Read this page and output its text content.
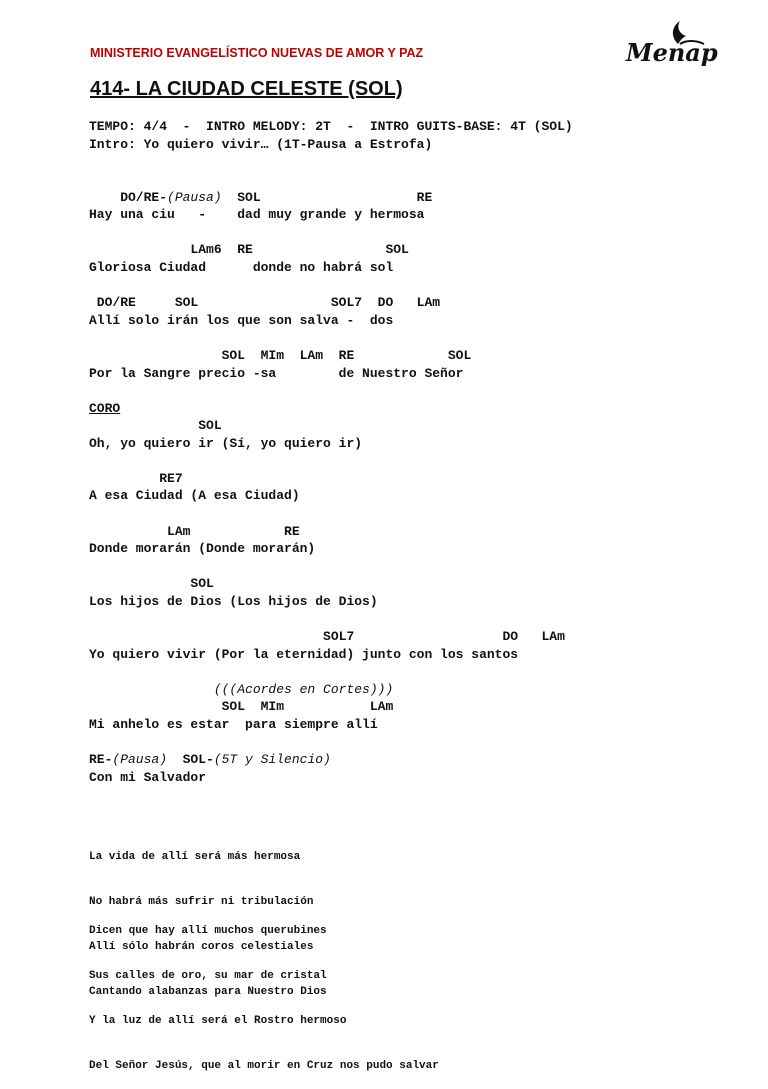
MINISTERIO EVANGELÍSTICO NUEVAS DE AMOR Y PAZ	Menap
414- LA CIUDAD CELESTE (SOL)
TEMPO: 4/4  -  INTRO MELODY: 2T  -  INTRO GUITS-BASE: 4T (SOL)
Intro: Yo quiero vivir… (1T-Pausa a Estrofa)
DO/RE-(Pausa)  SOL                    RE
Hay una ciu   -    dad muy grande y hermosa
LAm6  RE                 SOL
Gloriosa Ciudad      donde no habrá sol
DO/RE     SOL                 SOL7  DO   LAm
Allí solo irán los que son salva -  dos
SOL  MIm  LAm  RE            SOL
Por la Sangre precio -sa        de Nuestro Señor
CORO
SOL
Oh, yo quiero ir (Sí, yo quiero ir)
RE7
A esa Ciudad (A esa Ciudad)
LAm            RE
Donde morarán (Donde morarán)
SOL
Los hijos de Dios (Los hijos de Dios)
SOL7                   DO   LAm
Yo quiero vivir (Por la eternidad) junto con los santos
(((Acordes en Cortes)))
SOL  MIm           LAm
Mi anhelo es estar  para siempre allí
RE-(Pausa)  SOL-(5T y Silencio)
Con mi Salvador

La vida de allí será más hermosa

No habrá más sufrir ni tribulación

Allí sólo habrán coros celestiales

Cantando alabanzas para Nuestro Dios

Dicen que hay allí muchos querubines

Sus calles de oro, su mar de cristal

Y la luz de allí será el Rostro hermoso

Del Señor Jesús, que al morir en Cruz nos pudo salvar
